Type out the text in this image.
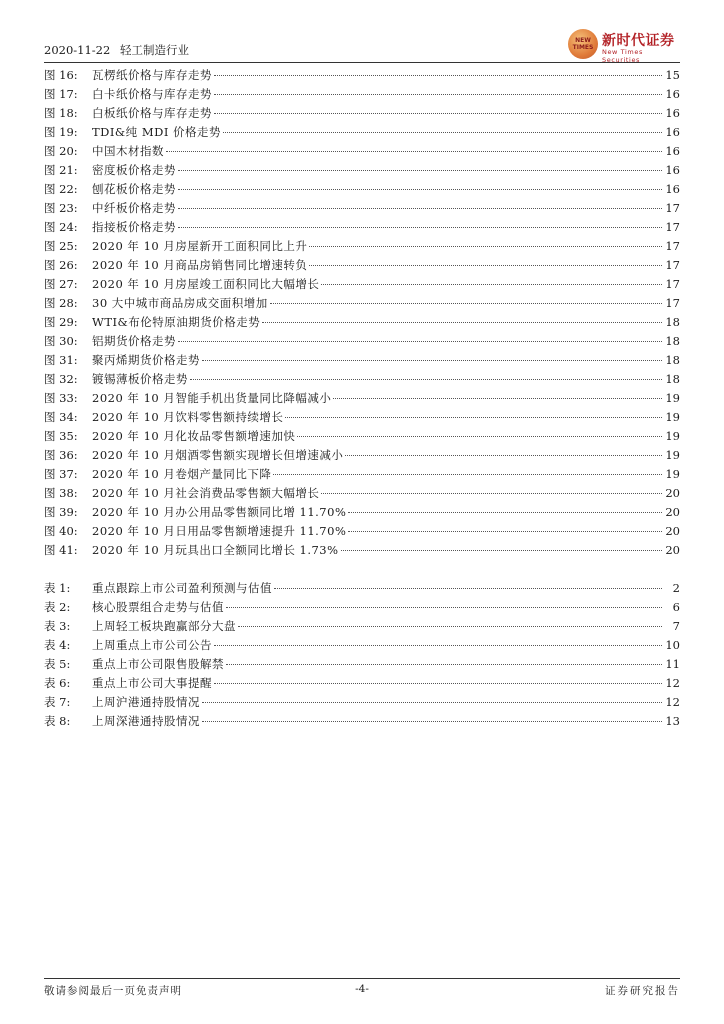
2020-11-22 轻工制造行业
NEW TIMES 新时代证券
New Times Securities
图 16:	瓦楞纸价格与库存走势	15
图 17:	白卡纸价格与库存走势	16
图 18:	白板纸价格与库存走势	16
图 19:	TDI&纯 MDI 价格走势	16
图 20:	中国木材指数	16
图 21:	密度板价格走势	16
图 22:	刨花板价格走势	16
图 23:	中纤板价格走势	17
图 24:	指接板价格走势	17
图 25:	2020 年 10 月房屋新开工面积同比上升	17
图 26:	2020 年 10 月商品房销售同比增速转负	17
图 27:	2020 年 10 月房屋竣工面积同比大幅增长	17
图 28:	30 大中城市商品房成交面积增加	17
图 29:	WTI&布伦特原油期货价格走势	18
图 30:	铝期货价格走势	18
图 31:	聚丙烯期货价格走势	18
图 32:	镀锡薄板价格走势	18
图 33:	2020 年 10 月智能手机出货量同比降幅减小	19
图 34:	2020 年 10 月饮料零售额持续增长	19
图 35:	2020 年 10 月化妆品零售额增速加快	19
图 36:	2020 年 10 月烟酒零售额实现增长但增速减小	19
图 37:	2020 年 10 月卷烟产量同比下降	19
图 38:	2020 年 10 月社会消费品零售额大幅增长	20
图 39:	2020 年 10 月办公用品零售额同比增 11.70%	20
图 40:	2020 年 10 月日用品零售额增速提升 11.70%	20
图 41:	2020 年 10 月玩具出口全额同比增长 1.73%	20
表 1:	重点跟踪上市公司盈利预测与估值	2
表 2:	核心股票组合走势与估值	6
表 3:	上周轻工板块跑赢部分大盘	7
表 4:	上周重点上市公司公告	10
表 5:	重点上市公司限售股解禁	11
表 6:	重点上市公司大事提醒	12
表 7:	上周沪港通持股情况	12
表 8:	上周深港通持股情况	13
敬请参阅最后一页免责声明	-4-	证券研究报告
